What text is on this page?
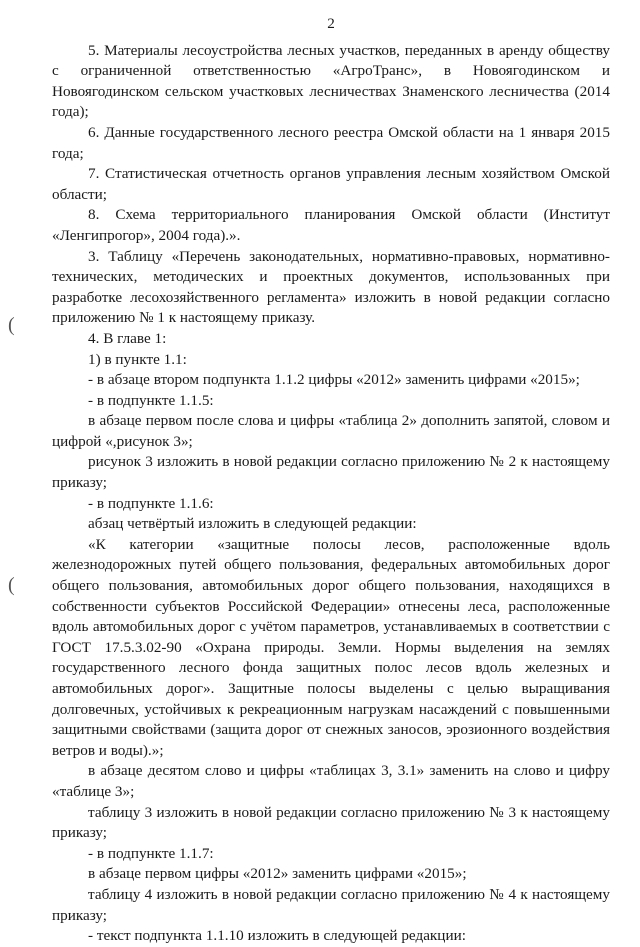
(
(
2

5. Материалы лесоустройства лесных участков, переданных в аренду обществу с ограниченной ответственностью «АгроТранс», в Новоягодинском и Новоягодинском сельском участковых лесничествах Знаменского лесничества (2014 года);

6. Данные государственного лесного реестра Омской области на 1 января 2015 года;

7. Статистическая отчетность органов управления лесным хозяйством Омской области;

8. Схема территориального планирования Омской области (Институт «Ленгипрогор», 2004 года).».

3. Таблицу «Перечень законодательных, нормативно-правовых, нормативно-технических, методических и проектных документов, использованных при разработке лесохозяйственного регламента» изложить в новой редакции согласно приложению № 1 к настоящему приказу.

4. В главе 1:

1) в пункте 1.1:

- в абзаце втором подпункта 1.1.2 цифры «2012» заменить цифрами «2015»;

- в подпункте 1.1.5:

в абзаце первом после слова и цифры «таблица 2» дополнить запятой, словом и цифрой «,рисунок 3»;

рисунок 3 изложить в новой редакции согласно приложению № 2 к настоящему приказу;

- в подпункте 1.1.6:

абзац четвёртый изложить в следующей редакции:

«К категории «защитные полосы лесов, расположенные вдоль железнодорожных путей общего пользования, федеральных автомобильных дорог общего пользования, автомобильных дорог общего пользования, находящихся в собственности субъектов Российской Федерации» отнесены леса, расположенные вдоль автомобильных дорог с учётом параметров, устанавливаемых в соответствии с ГОСТ 17.5.3.02-90 «Охрана природы. Земли. Нормы выделения на землях государственного лесного фонда защитных полос лесов вдоль железных и автомобильных дорог». Защитные полосы выделены с целью выращивания долговечных, устойчивых к рекреационным нагрузкам насаждений с повышенными защитными свойствами (защита дорог от снежных заносов, эрозионного воздействия ветров и воды).»;

в абзаце десятом слово и цифры «таблицах 3, 3.1» заменить на слово и цифру «таблице 3»;

таблицу 3 изложить в новой редакции согласно приложению № 3 к настоящему приказу;

- в подпункте 1.1.7:

в абзаце первом цифры «2012» заменить цифрами «2015»;

таблицу 4 изложить в новой редакции согласно приложению № 4 к настоящему приказу;

- текст подпункта 1.1.10 изложить в следующей редакции:
